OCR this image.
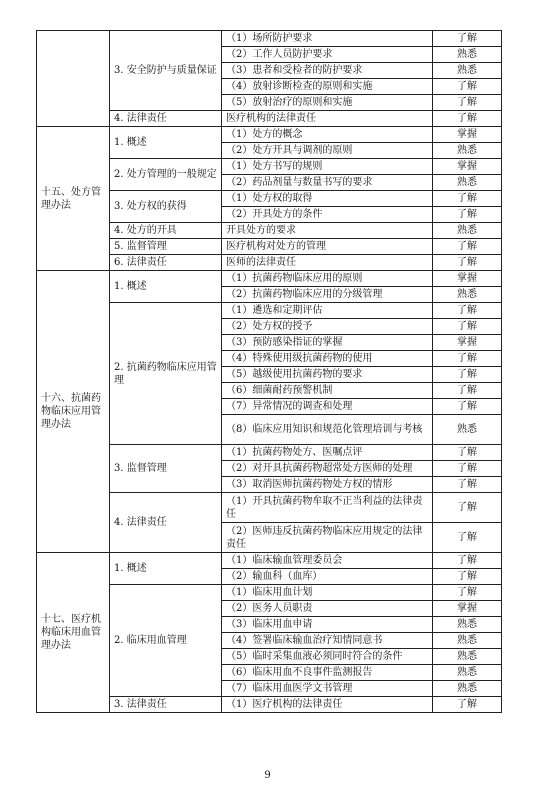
	3. 安全防护与质量保证	（1）场所防护要求	了解
		（2）工作人员防护要求	熟悉
		（3）患者和受检者的防护要求	熟悉
		（4）放射诊断检查的原则和实施	了解
		（5）放射治疗的原则和实施	了解
	4. 法律责任	医疗机构的法律责任	了解
十五、处方管理办法	1. 概述	（1）处方的概念	掌握
		（2）处方开具与调剂的原则	熟悉
	2. 处方管理的一般规定	（1）处方书写的规则	掌握
		（2）药品剂量与数量书写的要求	熟悉
	3. 处方权的获得	（1）处方权的取得	了解
		（2）开具处方的条件	了解
	4. 处方的开具	开具处方的要求	熟悉
	5. 监督管理	医疗机构对处方的管理	了解
	6. 法律责任	医师的法律责任	了解
十六、抗菌药物临床应用管理办法	1. 概述	（1）抗菌药物临床应用的原则	掌握
		（2）抗菌药物临床应用的分级管理	熟悉
	2. 抗菌药物临床应用管理	（1）遴选和定期评估	了解
		（2）处方权的授予	了解
		（3）预防感染指证的掌握	掌握
		（4）特殊使用级抗菌药物的使用	了解
		（5）越级使用抗菌药物的要求	了解
		（6）细菌耐药预警机制	了解
		（7）异常情况的调查和处理	了解
		（8）临床应用知识和规范化管理培训与考核	熟悉
	3. 监督管理	（1）抗菌药物处方、医嘱点评	了解
		（2）对开具抗菌药物超常处方医师的处理	了解
		（3）取消医师抗菌药物处方权的情形	了解
	4. 法律责任	（1）开具抗菌药物牟取不正当利益的法律责任	了解
		（2）医师违反抗菌药物临床应用规定的法律责任	了解
十七、医疗机构临床用血管理办法	1. 概述	（1）临床输血管理委员会	了解
		（2）输血科（血库）	了解
	2. 临床用血管理	（1）临床用血计划	了解
		（2）医务人员职责	掌握
		（3）临床用血申请	熟悉
		（4）签署临床输血治疗知情同意书	熟悉
		（5）临时采集血液必须同时符合的条件	熟悉
		（6）临床用血不良事件监测报告	熟悉
		（7）临床用血医学文书管理	熟悉
	3. 法律责任	（1）医疗机构的法律责任	了解
9
